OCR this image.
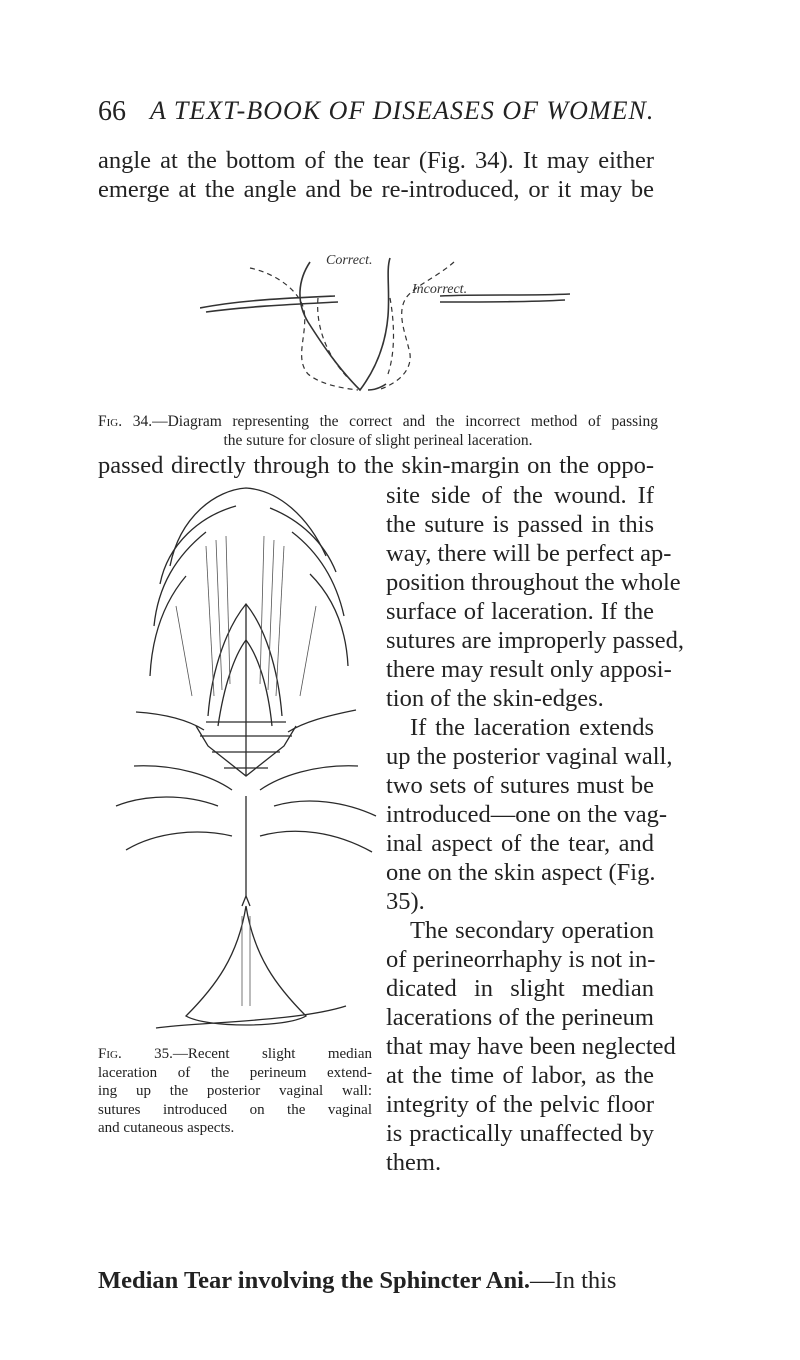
66 A TEXT-BOOK OF DISEASES OF WOMEN.
angle at the bottom of the tear (Fig. 34). It may either
emerge at the angle and be re-introduced, or it may be
Correct.
Incorrect.
Fig. 34.—Diagram representing the correct and the incorrect method of passing
the suture for closure of slight perineal laceration.
passed directly through to the skin-margin on the oppo-
Fig. 35.—Recent slight median
laceration of the perineum extend-
ing up the posterior vaginal wall:
sutures introduced on the vaginal
and cutaneous aspects.
site side of the wound. If
the suture is passed in this
way, there will be perfect ap-
position throughout the whole
surface of laceration. If the
sutures are improperly passed,
there may result only apposi-
tion of the skin-edges.
If the laceration extends
up the posterior vaginal wall,
two sets of sutures must be
introduced—one on the vag-
inal aspect of the tear, and
one on the skin aspect (Fig.
35).
The secondary operation
of perineorrhaphy is not in-
dicated in slight median
lacerations of the perineum
that may have been neglected
at the time of labor, as the
integrity of the pelvic floor
is practically unaffected by
them.
Median Tear involving the Sphincter Ani.—In this
